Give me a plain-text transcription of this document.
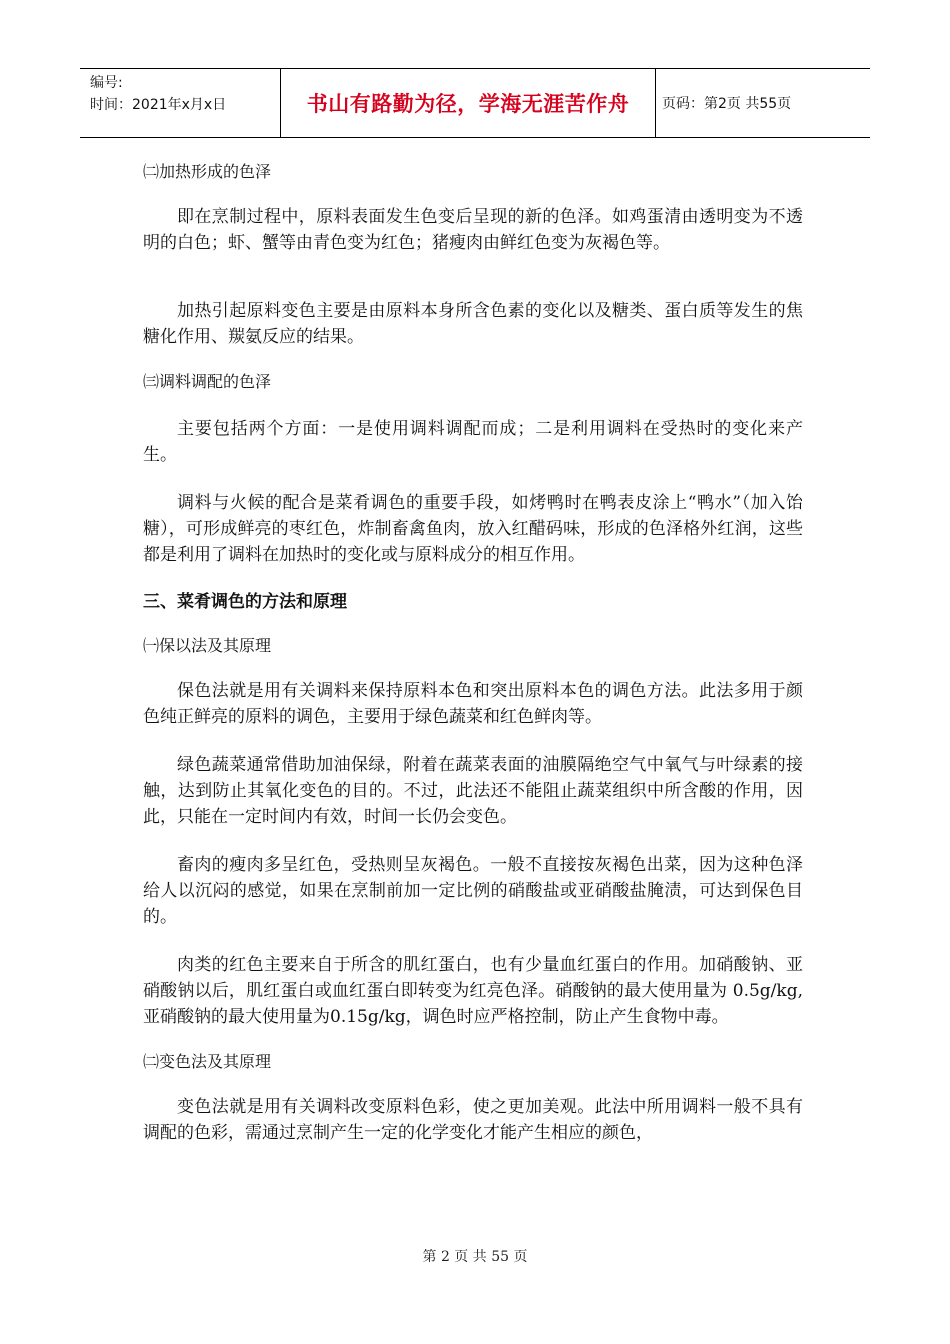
编号:
时间：2021年x月x日	书山有路勤为径，学海无涯苦作舟 页码：第2页 共55页

㈡加热形成的色泽

即在烹制过程中，原料表面发生色变后呈现的新的色泽。如鸡蛋清由透明变为不透明的白色；虾、蟹等由青色变为红色；猪瘦肉由鲜红色变为灰褐色等。

加热引起原料变色主要是由原料本身所含色素的变化以及糖类、蛋白质等发生的焦糖化作用、羰氨反应的结果。

㈢调料调配的色泽

主要包括两个方面：一是使用调料调配而成；二是利用调料在受热时的变化来产生。

调料与火候的配合是菜肴调色的重要手段，如烤鸭时在鸭表皮涂上“鸭水”（加入饴糖），可形成鲜亮的枣红色，炸制畜禽鱼肉，放入红醋码味，形成的色泽格外红润，这些都是利用了调料在加热时的变化或与原料成分的相互作用。

三、菜肴调色的方法和原理

㈠保以法及其原理

保色法就是用有关调料来保持原料本色和突出原料本色的调色方法。此法多用于颜色纯正鲜亮的原料的调色，主要用于绿色蔬菜和红色鲜肉等。

绿色蔬菜通常借助加油保绿，附着在蔬菜表面的油膜隔绝空气中氧气与叶绿素的接触，达到防止其氧化变色的目的。不过，此法还不能阻止蔬菜组织中所含酸的作用，因此，只能在一定时间内有效，时间一长仍会变色。

畜肉的瘦肉多呈红色，受热则呈灰褐色。一般不直接按灰褐色出菜，因为这种色泽给人以沉闷的感觉，如果在烹制前加一定比例的硝酸盐或亚硝酸盐腌渍，可达到保色目的。

肉类的红色主要来自于所含的肌红蛋白，也有少量血红蛋白的作用。加硝酸钠、亚硝酸钠以后，肌红蛋白或血红蛋白即转变为红亮色泽。硝酸钠的最大使用量为 0.5g/kg,亚硝酸钠的最大使用量为0.15g/kg，调色时应严格控制，防止产生食物中毒。

㈡变色法及其原理

变色法就是用有关调料改变原料色彩，使之更加美观。此法中所用调料一般不具有调配的色彩，需通过烹制产生一定的化学变化才能产生相应的颜色，

第 2 页 共 55 页
